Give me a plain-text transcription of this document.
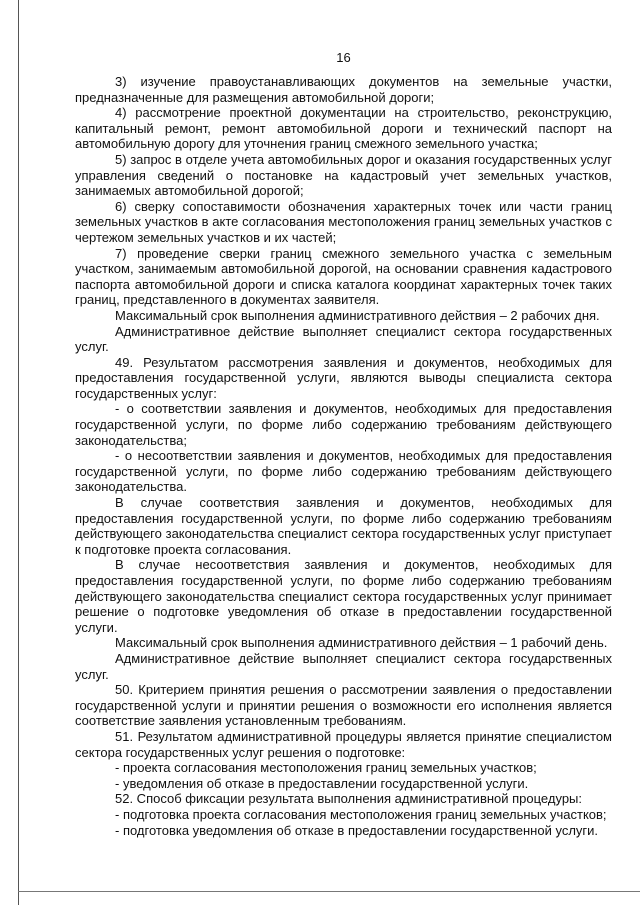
16

3) изучение правоустанавливающих документов на земельные участки, предназначенные для размещения автомобильной дороги;

4) рассмотрение проектной документации на строительство, реконструкцию, капитальный ремонт, ремонт автомобильной дороги и технический паспорт на автомобильную дорогу для уточнения границ смежного земельного участка;

5) запрос в отделе учета автомобильных дорог и оказания государственных услуг управления сведений о постановке на кадастровый учет земельных участков, занимаемых автомобильной дорогой;

6) сверку сопоставимости обозначения характерных точек или части границ земельных участков в акте согласования местоположения границ земельных участков с чертежом земельных участков и их частей;

7) проведение сверки границ смежного земельного участка с земельным участком, занимаемым автомобильной дорогой, на основании сравнения кадастрового паспорта автомобильной дороги и списка каталога координат характерных точек таких границ, представленного в документах заявителя.

Максимальный срок выполнения административного действия – 2 рабочих дня.

Административное действие выполняет специалист сектора государственных услуг.

49. Результатом рассмотрения заявления и документов, необходимых для предоставления государственной услуги, являются выводы специалиста сектора государственных услуг:

- о соответствии заявления и документов, необходимых для предоставления государственной услуги, по форме либо содержанию требованиям действующего законодательства;

- о несоответствии заявления и документов, необходимых для предоставления государственной услуги, по форме либо содержанию требованиям действующего законодательства.

В случае соответствия заявления и документов, необходимых для предоставления государственной услуги, по форме либо содержанию требованиям действующего законодательства специалист сектора государственных услуг приступает к подготовке проекта согласования.

В случае несоответствия заявления и документов, необходимых для предоставления государственной услуги, по форме либо содержанию требованиям действующего законодательства специалист сектора государственных услуг принимает решение о подготовке уведомления об отказе в предоставлении государственной услуги.

Максимальный срок выполнения административного действия – 1 рабочий день.

Административное действие выполняет специалист сектора государственных услуг.

50. Критерием принятия решения о рассмотрении заявления о предоставлении государственной услуги и принятии решения о возможности его исполнения является соответствие заявления установленным требованиям.

51. Результатом административной процедуры является принятие специалистом сектора государственных услуг решения о подготовке:

- проекта согласования местоположения границ земельных участков;

- уведомления об отказе в предоставлении государственной услуги.

52. Способ фиксации результата выполнения административной процедуры:

- подготовка проекта согласования местоположения границ земельных участков;

- подготовка уведомления об отказе в предоставлении государственной услуги.
